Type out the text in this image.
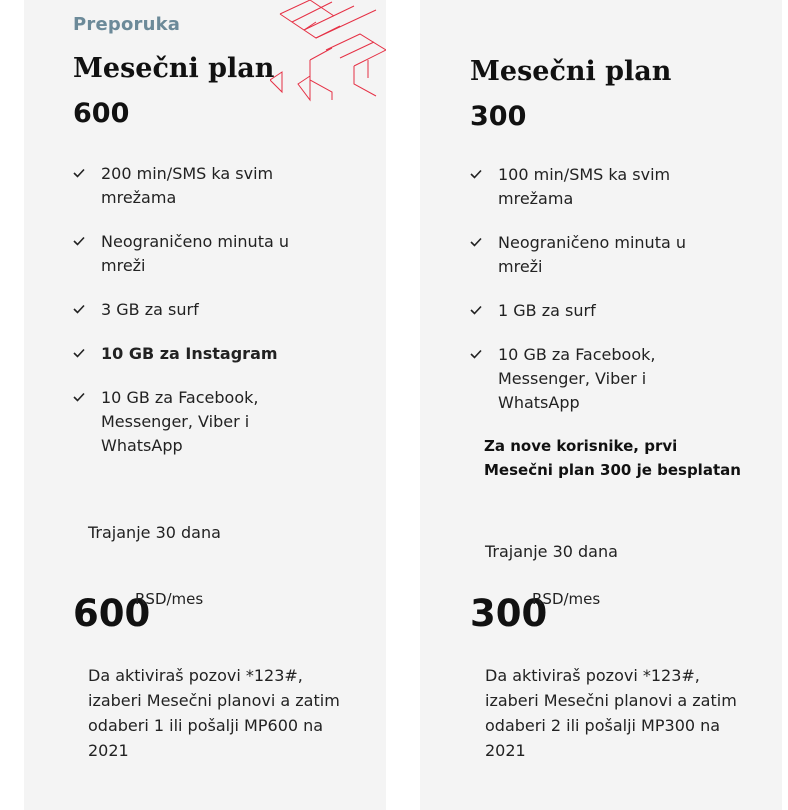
Preporuka
Mesečni plan
600
200 min/SMS ka svim mrežama
Neograničeno minuta u mreži
3 GB za surf
10 GB za Instagram
10 GB za Facebook, Messenger, Viber i WhatsApp
Trajanje 30 dana
600
RSD/mes
Da aktiviraš pozovi *123#, izaberi Mesečni planovi a zatim odaberi 1 ili pošalji MP600 na 2021
Mesečni plan
300
100 min/SMS ka svim mrežama
Neograničeno minuta u mreži
1 GB za surf
10 GB za Facebook, Messenger, Viber i WhatsApp
Za nove korisnike, prvi Mesečni plan 300 je besplatan
Trajanje 30 dana
300
RSD/mes
Da aktiviraš pozovi *123#, izaberi Mesečni planovi a zatim odaberi 2 ili pošalji MP300 na 2021
